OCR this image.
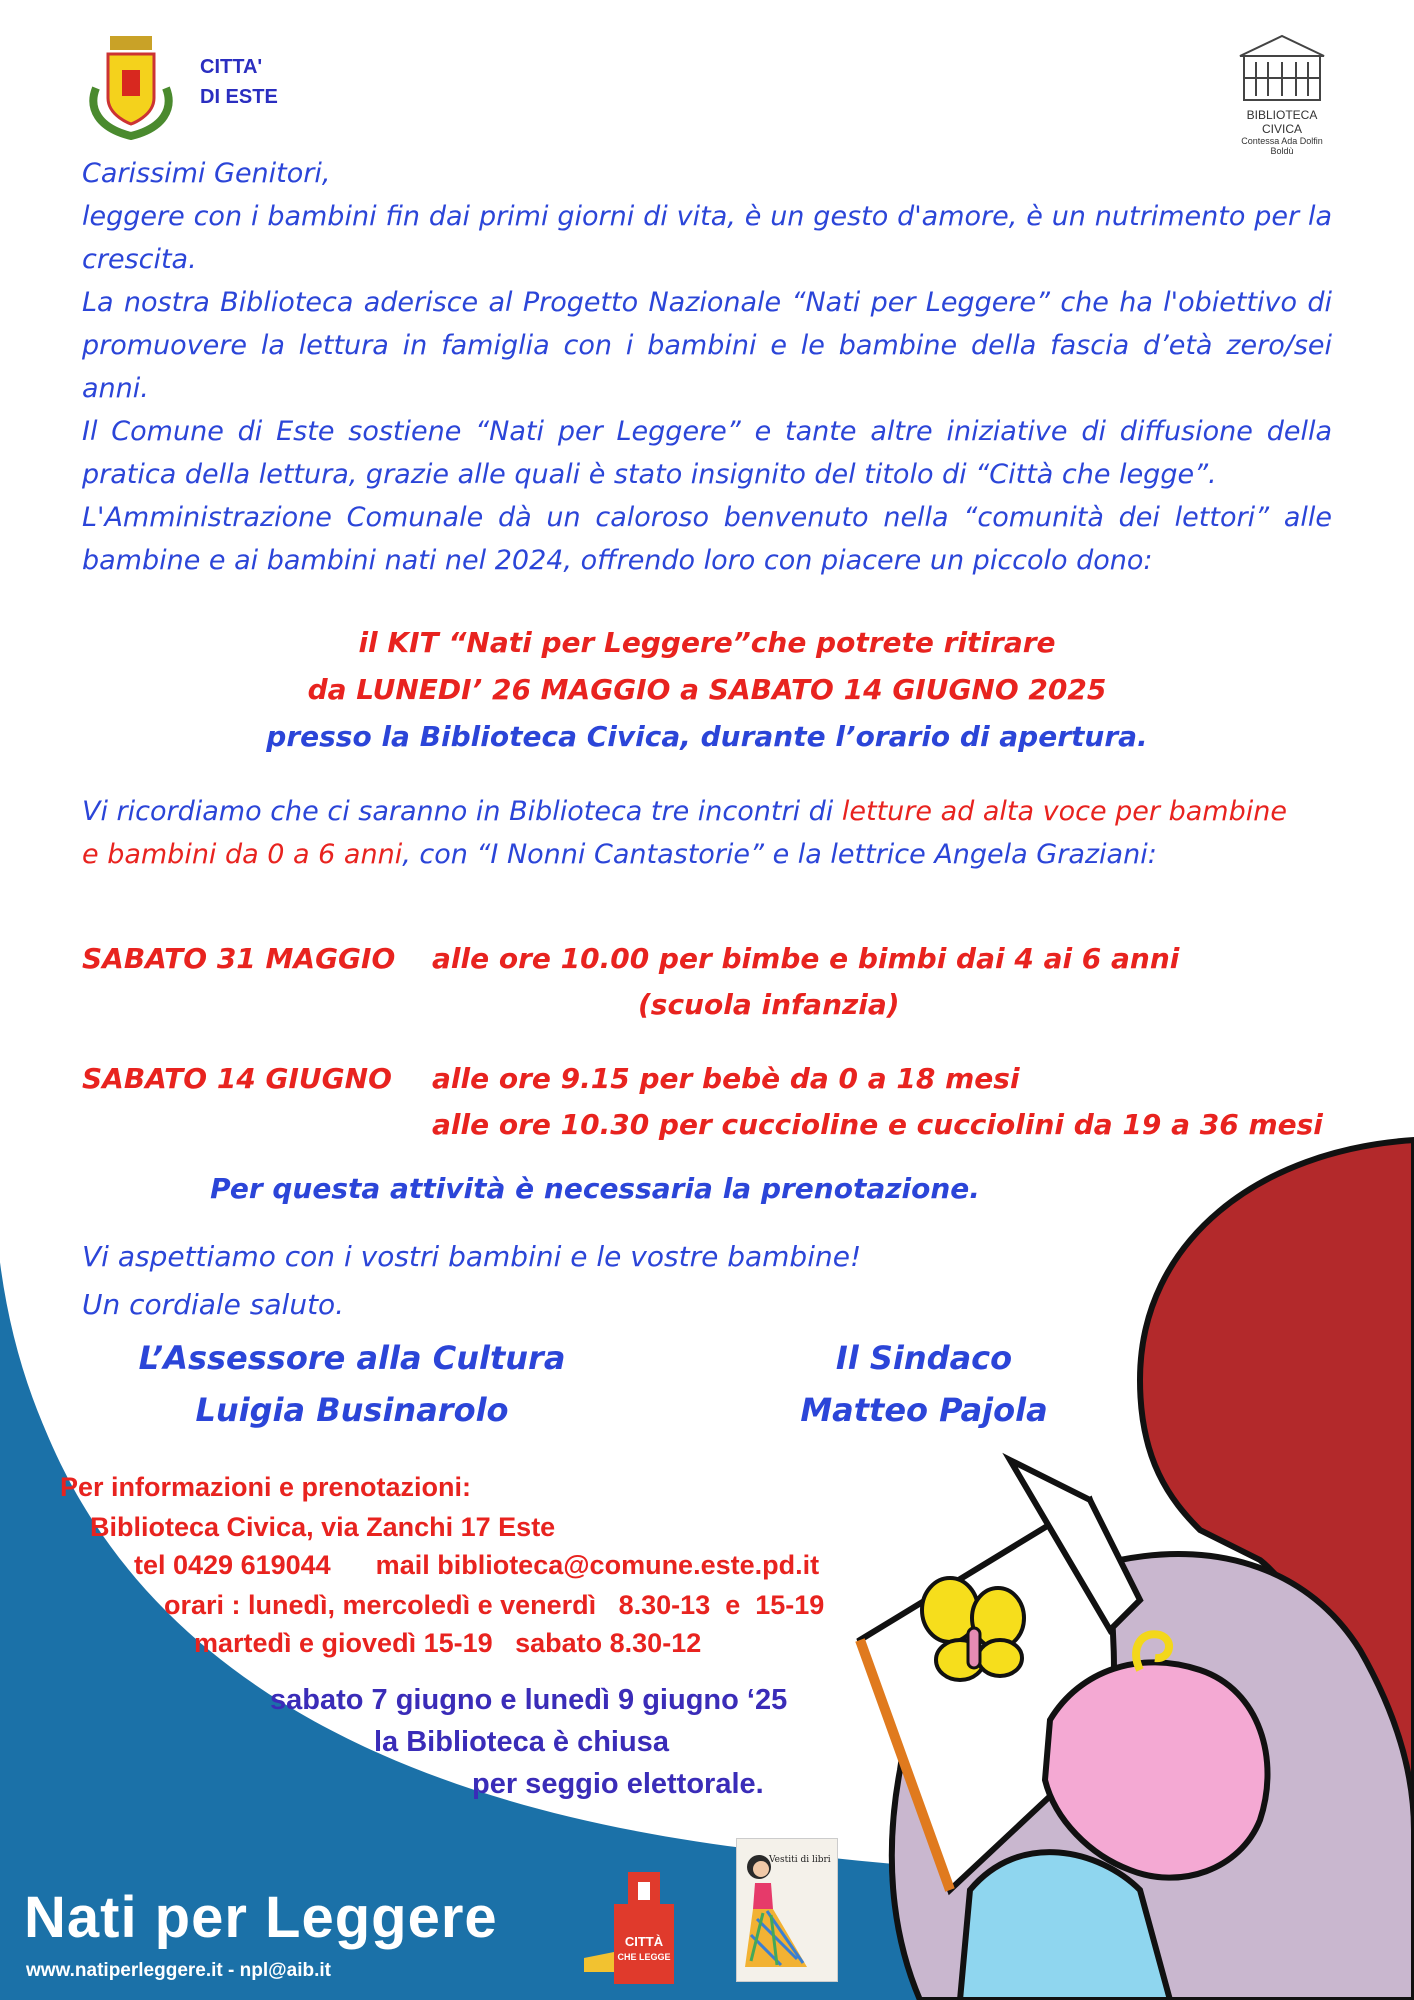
CITTA'
DI ESTE
BIBLIOTECA CIVICA
Contessa Ada Dolfin Boldù

Carissimi Genitori,

leggere con i bambini fin dai primi giorni di vita, è un gesto d'amore, è un nutrimento per la crescita.

La nostra Biblioteca aderisce al Progetto Nazionale “Nati per Leggere” che ha l'obiettivo di promuovere la lettura in famiglia con i bambini e le bambine della fascia d’età zero/sei anni.

Il Comune di Este sostiene “Nati per Leggere” e tante altre iniziative di diffusione della pratica della lettura, grazie alle quali è stato insignito del titolo di “Città che legge”.

L'Amministrazione Comunale dà un caloroso benvenuto nella “comunità dei lettori” alle bambine e ai bambini nati nel 2024, offrendo loro con piacere un piccolo dono:

il KIT “Nati per Leggere”che potrete ritirare
da LUNEDI’ 26 MAGGIO a SABATO 14 GIUGNO 2025
presso la Biblioteca Civica, durante l’orario di apertura.
Vi ricordiamo che ci saranno in Biblioteca tre incontri di letture ad alta voce per bambine
e bambini da 0 a 6 anni, con “I Nonni Cantastorie” e la lettrice Angela Graziani:
SABATO 31 MAGGIO alle ore 10.00 per bimbe e bimbi dai 4 ai 6 anni
(scuola infanzia)
SABATO 14 GIUGNO alle ore 9.15 per bebè da 0 a 18 mesi
alle ore 10.30 per cuccioline e cucciolini da 19 a 36 mesi
Per questa attività è necessaria la prenotazione.
Vi aspettiamo con i vostri bambini e le vostre bambine!
Un cordiale saluto.
L’Assessore alla Cultura
Luigia Businarolo
Il Sindaco
Matteo Pajola
Per informazioni e prenotazioni:
Biblioteca Civica, via Zanchi 17 Este
tel 0429 619044      mail biblioteca@comune.este.pd.it
orari : lunedì, mercoledì e venerdì   8.30-13  e  15-19
martedì e giovedì 15-19   sabato 8.30-12
sabato 7 giugno e lunedì 9 giugno ‘25
la Biblioteca è chiusa
per seggio elettorale.
Nati per Leggere
www.natiperleggere.it - npl@aib.it
CITTÀ
CHE LEGGE
Vestiti di libri
